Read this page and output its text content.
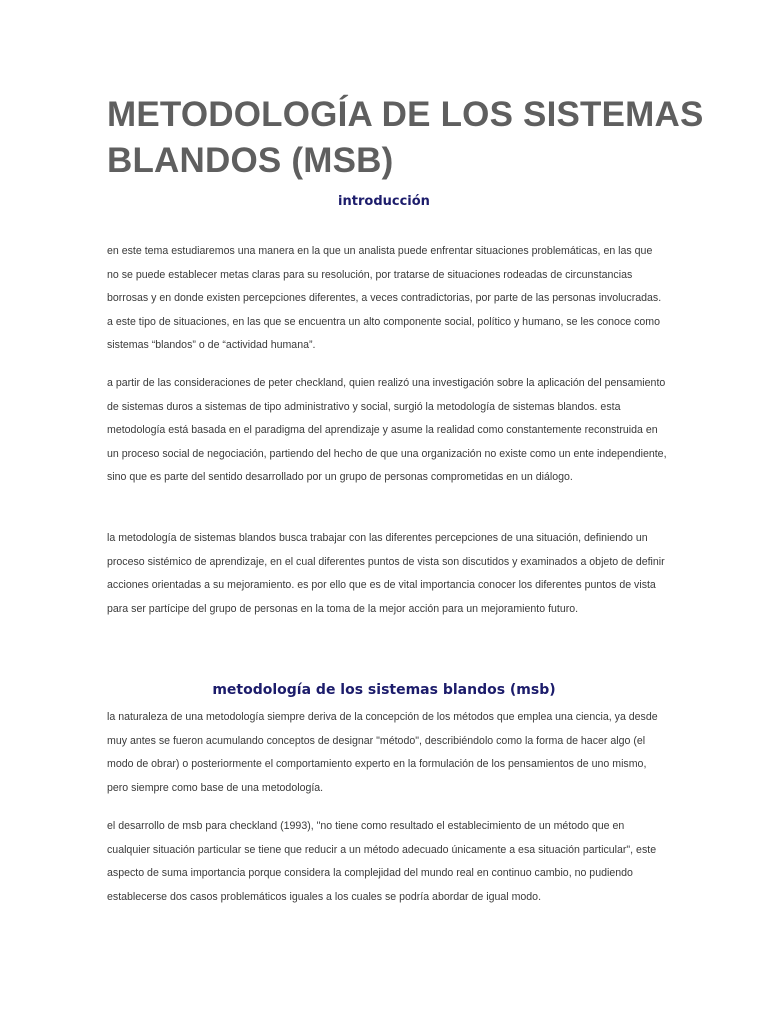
METODOLOGÍA DE LOS SISTEMAS BLANDOS (MSB)
introducción

en este tema estudiaremos una manera en la que un analista puede enfrentar situaciones problemáticas, en las que no se puede establecer metas claras para su resolución, por tratarse de situaciones rodeadas de circunstancias borrosas y en donde existen percepciones diferentes, a veces contradictorias, por parte de las personas involucradas. a este tipo de situaciones, en las que se encuentra un alto componente social, político y humano, se les conoce como sistemas “blandos” o de “actividad humana”.

a partir de las consideraciones de peter checkland, quien realizó una investigación sobre la aplicación del pensamiento de sistemas duros a sistemas de tipo administrativo y social, surgió la metodología de sistemas blandos. esta metodología está basada en el paradigma del aprendizaje y asume la realidad como constantemente reconstruida en un proceso social de negociación, partiendo del hecho de que una organización no existe como un ente independiente, sino que es parte del sentido desarrollado por un grupo de personas comprometidas en un diálogo.

la metodología de sistemas blandos busca trabajar con las diferentes percepciones de una situación, definiendo un proceso sistémico de aprendizaje, en el cual diferentes puntos de vista son discutidos y examinados a objeto de definir acciones orientadas a su mejoramiento. es por ello que es de vital importancia conocer los diferentes puntos de vista para ser partícipe del grupo de personas en la toma de la mejor acción para un mejoramiento futuro.

metodología de los sistemas blandos (msb)

la naturaleza de una metodología siempre deriva de la concepción de los métodos que emplea una ciencia, ya desde muy antes se fueron acumulando conceptos de designar "método", describiéndolo como la forma de hacer algo (el modo de obrar) o posteriormente el comportamiento experto en la formulación de los pensamientos de uno mismo, pero siempre como base de una metodología.

el desarrollo de msb para checkland (1993), "no tiene como resultado el establecimiento de un método que en cualquier situación particular se tiene que reducir a un método adecuado únicamente a esa situación particular", este aspecto de suma importancia porque considera la complejidad del mundo real en continuo cambio, no pudiendo establecerse dos casos problemáticos iguales a los cuales se podría abordar de igual modo.
